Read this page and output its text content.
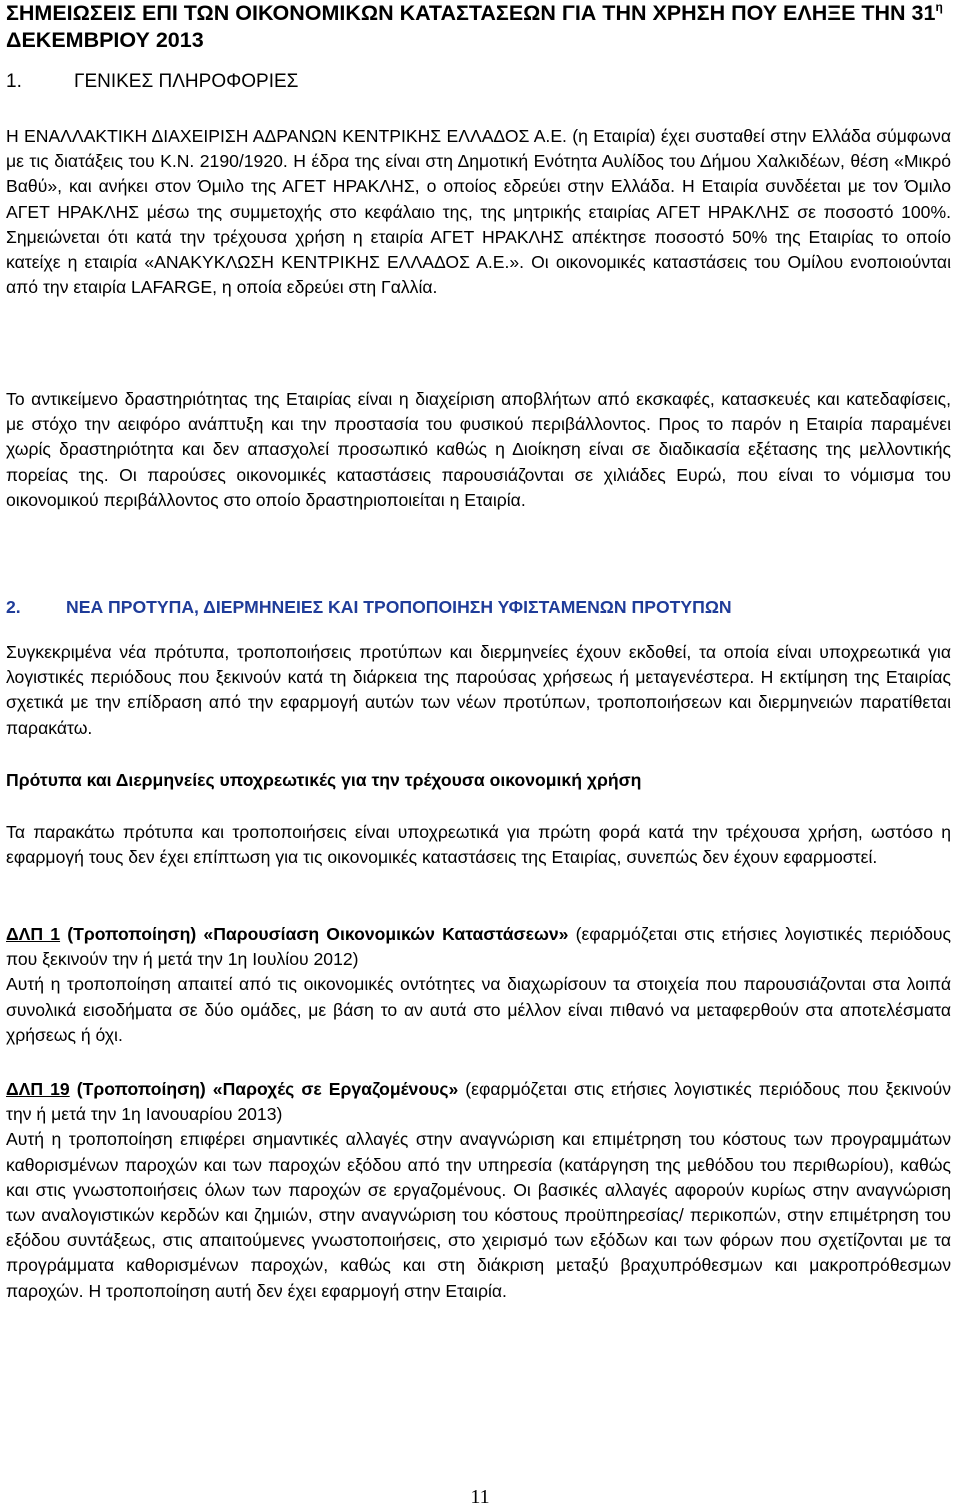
ΣΗΜΕΙΩΣΕΙΣ ΕΠΙ ΤΩΝ ΟΙΚΟΝΟΜΙΚΩΝ ΚΑΤΑΣΤΑΣΕΩΝ ΓΙΑ ΤΗΝ ΧΡΗΣΗ ΠΟΥ ΕΛΗΞΕ ΤΗΝ $31^\eta$ ΔΕΚΕΜΒΡΙΟΥ 2013
1.	ΓΕΝΙΚΕΣ ΠΛΗΡΟΦΟΡΙΕΣ

Η ΕΝΑΛΛΑΚΤΙΚΗ ΔΙΑΧΕΙΡΙΣΗ ΑΔΡΑΝΩΝ ΚΕΝΤΡΙΚΗΣ ΕΛΛΑΔΟΣ Α.Ε. (η Εταιρία) έχει συσταθεί στην Ελλάδα σύμφωνα με τις διατάξεις του Κ.Ν. 2190/1920. Η έδρα της είναι στη Δημοτική Ενότητα Αυλίδος του Δήμου Χαλκιδέων, θέση «Μικρό Βαθύ», και ανήκει στον Όμιλο της ΑΓΕΤ ΗΡΑΚΛΗΣ, ο οποίος εδρεύει στην Ελλάδα. Η Εταιρία συνδέεται με τον Όμιλο ΑΓΕΤ ΗΡΑΚΛΗΣ μέσω της συμμετοχής στο κεφάλαιο της, της μητρικής εταιρίας ΑΓΕΤ ΗΡΑΚΛΗΣ σε ποσοστό 100%. Σημειώνεται ότι κατά την τρέχουσα χρήση η εταιρία ΑΓΕΤ ΗΡΑΚΛΗΣ απέκτησε ποσοστό 50% της Εταιρίας το οποίο κατείχε η εταιρία «ΑΝΑΚΥΚΛΩΣΗ ΚΕΝΤΡΙΚΗΣ ΕΛΛΑΔΟΣ Α.Ε.». Οι οικονομικές καταστάσεις του Ομίλου ενοποιούνται από την εταιρία LAFARGE, η οποία εδρεύει στη Γαλλία.

Το αντικείμενο δραστηριότητας της Εταιρίας είναι η διαχείριση αποβλήτων από εκσκαφές, κατασκευές και κατεδαφίσεις, με στόχο την αειφόρο ανάπτυξη και την προστασία του φυσικού περιβάλλοντος. Προς το παρόν η Εταιρία παραμένει χωρίς δραστηριότητα και δεν απασχολεί προσωπικό καθώς η Διοίκηση είναι σε διαδικασία εξέτασης της μελλοντικής πορείας της. Οι παρούσες οικονομικές καταστάσεις παρουσιάζονται σε χιλιάδες Ευρώ, που είναι το νόμισμα του οικονομικού περιβάλλοντος στο οποίο δραστηριοποιείται η Εταιρία.

2.	ΝΕΑ ΠΡΟΤΥΠΑ, ΔΙΕΡΜΗΝΕΙΕΣ ΚΑΙ ΤΡΟΠΟΠΟΙΗΣΗ ΥΦΙΣΤΑΜΕΝΩΝ ΠΡΟΤΥΠΩΝ

Συγκεκριμένα νέα πρότυπα, τροποποιήσεις προτύπων και διερμηνείες έχουν εκδοθεί, τα οποία είναι υποχρεωτικά για λογιστικές περιόδους που ξεκινούν κατά τη διάρκεια της παρούσας χρήσεως ή μεταγενέστερα. Η εκτίμηση της Εταιρίας σχετικά με την επίδραση από την εφαρμογή αυτών των νέων προτύπων, τροποποιήσεων και διερμηνειών παρατίθεται παρακάτω.

Πρότυπα και Διερμηνείες υποχρεωτικές για την τρέχουσα οικονομική χρήση

Τα παρακάτω πρότυπα και τροποποιήσεις είναι υποχρεωτικά για πρώτη φορά κατά την τρέχουσα χρήση, ωστόσο η εφαρμογή τους δεν έχει επίπτωση για τις οικονομικές καταστάσεις της Εταιρίας, συνεπώς δεν έχουν εφαρμοστεί.

ΔΛΠ 1 (Τροποποίηση) «Παρουσίαση Οικονομικών Καταστάσεων» (εφαρμόζεται στις ετήσιες λογιστικές περιόδους που ξεκινούν την ή μετά την 1η Ιουλίου 2012)
Αυτή η τροποποίηση απαιτεί από τις οικονομικές οντότητες να διαχωρίσουν τα στοιχεία που παρουσιάζονται στα λοιπά συνολικά εισοδήματα σε δύο ομάδες, με βάση το αν αυτά στο μέλλον είναι πιθανό να μεταφερθούν στα αποτελέσματα χρήσεως ή όχι.

ΔΛΠ 19 (Τροποποίηση) «Παροχές σε Εργαζομένους» (εφαρμόζεται στις ετήσιες λογιστικές περιόδους που ξεκινούν την ή μετά την 1η Ιανουαρίου 2013)
Αυτή η τροποποίηση επιφέρει σημαντικές αλλαγές στην αναγνώριση και επιμέτρηση του κόστους των προγραμμάτων καθορισμένων παροχών και των παροχών εξόδου από την υπηρεσία (κατάργηση της μεθόδου του περιθωρίου), καθώς και στις γνωστοποιήσεις όλων των παροχών σε εργαζομένους. Οι βασικές αλλαγές αφορούν κυρίως στην αναγνώριση των αναλογιστικών κερδών και ζημιών, στην αναγνώριση του κόστους προϋπηρεσίας/ περικοπών, στην επιμέτρηση του εξόδου συντάξεως, στις απαιτούμενες γνωστοποιήσεις, στο χειρισμό των εξόδων και των φόρων που σχετίζονται με τα προγράμματα καθορισμένων παροχών, καθώς και στη διάκριση μεταξύ βραχυπρόθεσμων και μακροπρόθεσμων παροχών. Η τροποποίηση αυτή δεν έχει εφαρμογή στην Εταιρία.

11
